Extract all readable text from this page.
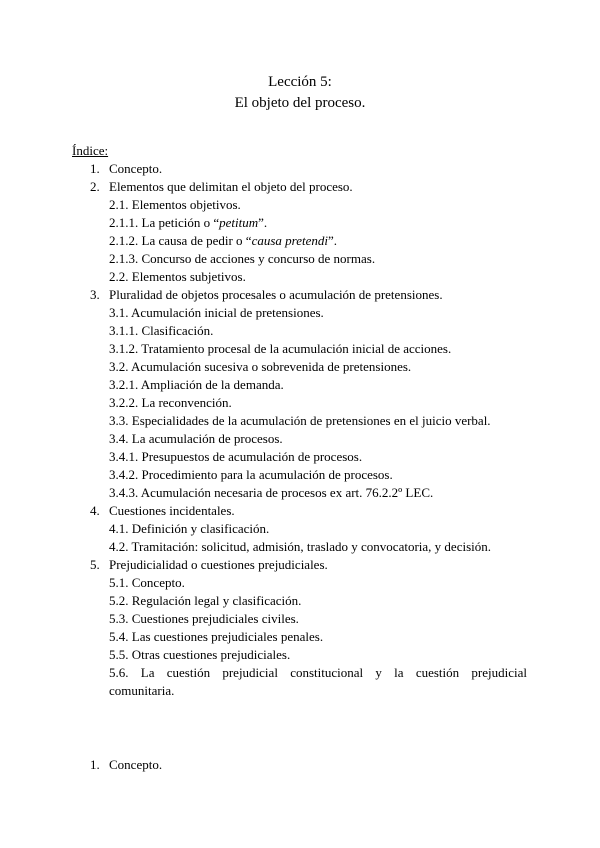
Lección 5:
El objeto del proceso.
Índice:
1. Concepto.
2. Elementos que delimitan el objeto del proceso.
2.1. Elementos objetivos.
2.1.1. La petición o “petitum”.
2.1.2. La causa de pedir o “causa pretendi”.
2.1.3. Concurso de acciones y concurso de normas.
2.2. Elementos subjetivos.
3. Pluralidad de objetos procesales o acumulación de pretensiones.
3.1. Acumulación inicial de pretensiones.
3.1.1. Clasificación.
3.1.2. Tratamiento procesal de la acumulación inicial de acciones.
3.2. Acumulación sucesiva o sobrevenida de pretensiones.
3.2.1. Ampliación de la demanda.
3.2.2. La reconvención.
3.3. Especialidades de la acumulación de pretensiones en el juicio verbal.
3.4. La acumulación de procesos.
3.4.1. Presupuestos de acumulación de procesos.
3.4.2. Procedimiento para la acumulación de procesos.
3.4.3. Acumulación necesaria de procesos ex art. 76.2.2º LEC.
4. Cuestiones incidentales.
4.1. Definición y clasificación.
4.2. Tramitación: solicitud, admisión, traslado y convocatoria, y decisión.
5. Prejudicialidad o cuestiones prejudiciales.
5.1. Concepto.
5.2. Regulación legal y clasificación.
5.3. Cuestiones prejudiciales civiles.
5.4. Las cuestiones prejudiciales penales.
5.5. Otras cuestiones prejudiciales.
5.6. La cuestión prejudicial constitucional y la cuestión prejudicial
comunitaria.
1. Concepto.
